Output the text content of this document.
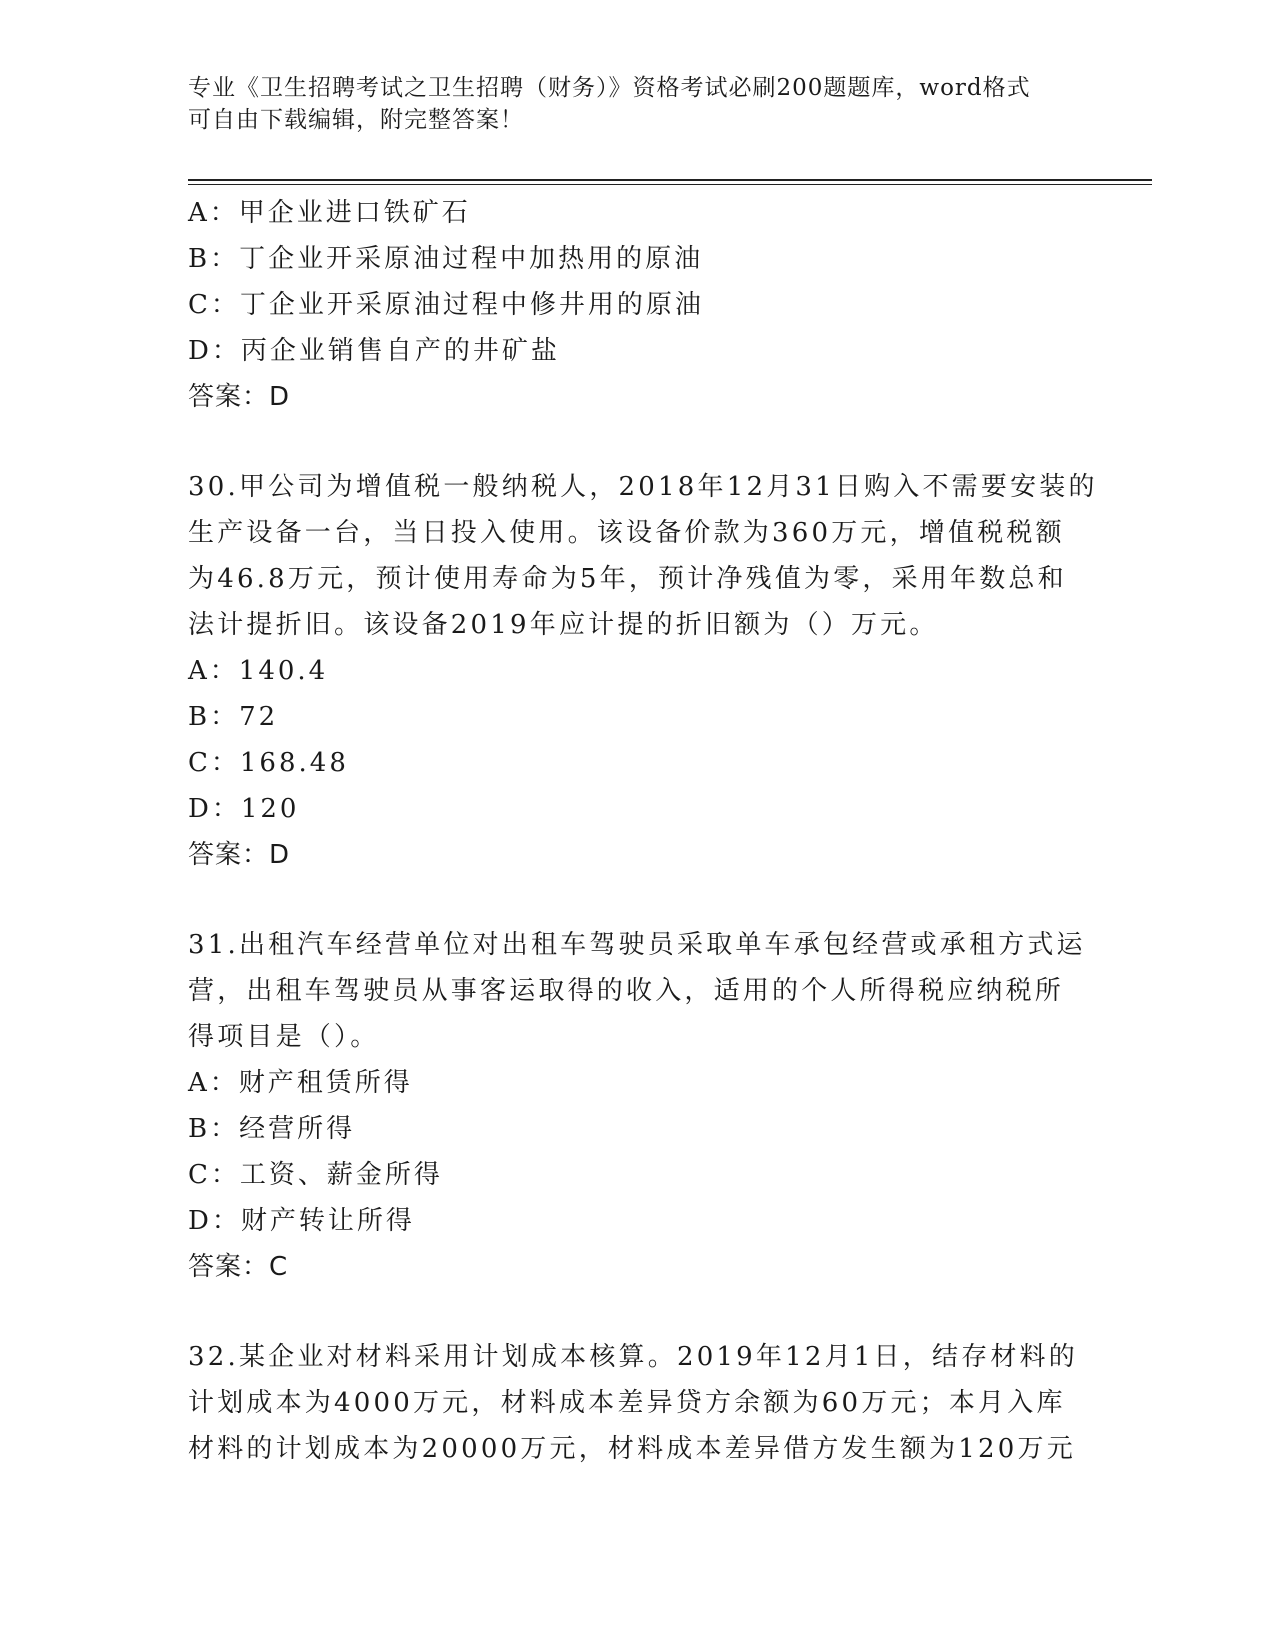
专业《卫生招聘考试之卫生招聘（财务）》资格考试必刷200题题库，word格式
可自由下载编辑，附完整答案！
A：甲企业进口铁矿石
B：丁企业开采原油过程中加热用的原油
C：丁企业开采原油过程中修井用的原油
D：丙企业销售自产的井矿盐
答案：D
30.甲公司为增值税一般纳税人，2018年12月31日购入不需要安装的
生产设备一台，当日投入使用。该设备价款为360万元，增值税税额
为46.8万元，预计使用寿命为5年，预计净残值为零，采用年数总和
法计提折旧。该设备2019年应计提的折旧额为（）万元。
A：140.4
B：72
C：168.48
D：120
答案：D
31.出租汽车经营单位对出租车驾驶员采取单车承包经营或承租方式运
营，出租车驾驶员从事客运取得的收入，适用的个人所得税应纳税所
得项目是（）。
A：财产租赁所得
B：经营所得
C：工资、薪金所得
D：财产转让所得
答案：C
32.某企业对材料采用计划成本核算。2019年12月1日，结存材料的
计划成本为4000万元，材料成本差异贷方余额为60万元；本月入库
材料的计划成本为20000万元，材料成本差异借方发生额为120万元
